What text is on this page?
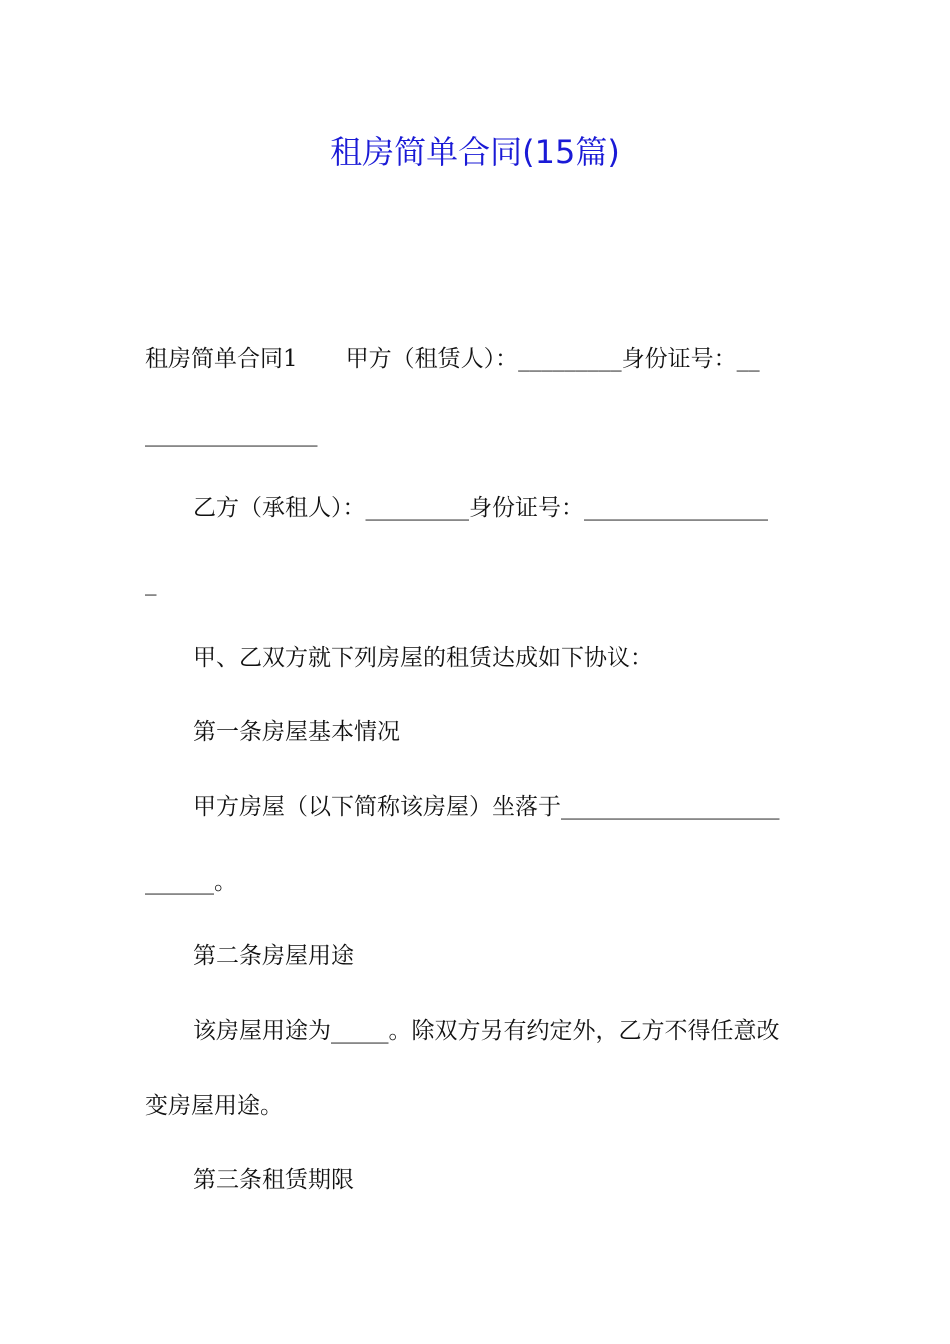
租房简单合同(15篇)
租房简单合同1 甲方（租赁人）：_________身份证号：__
_______________
乙方（承租人）：_________身份证号：________________
_
甲、乙双方就下列房屋的租赁达成如下协议：
第一条房屋基本情况
甲方房屋（以下简称该房屋）坐落于___________________
______。
第二条房屋用途
该房屋用途为_____。除双方另有约定外，乙方不得任意改
变房屋用途。
第三条租赁期限
